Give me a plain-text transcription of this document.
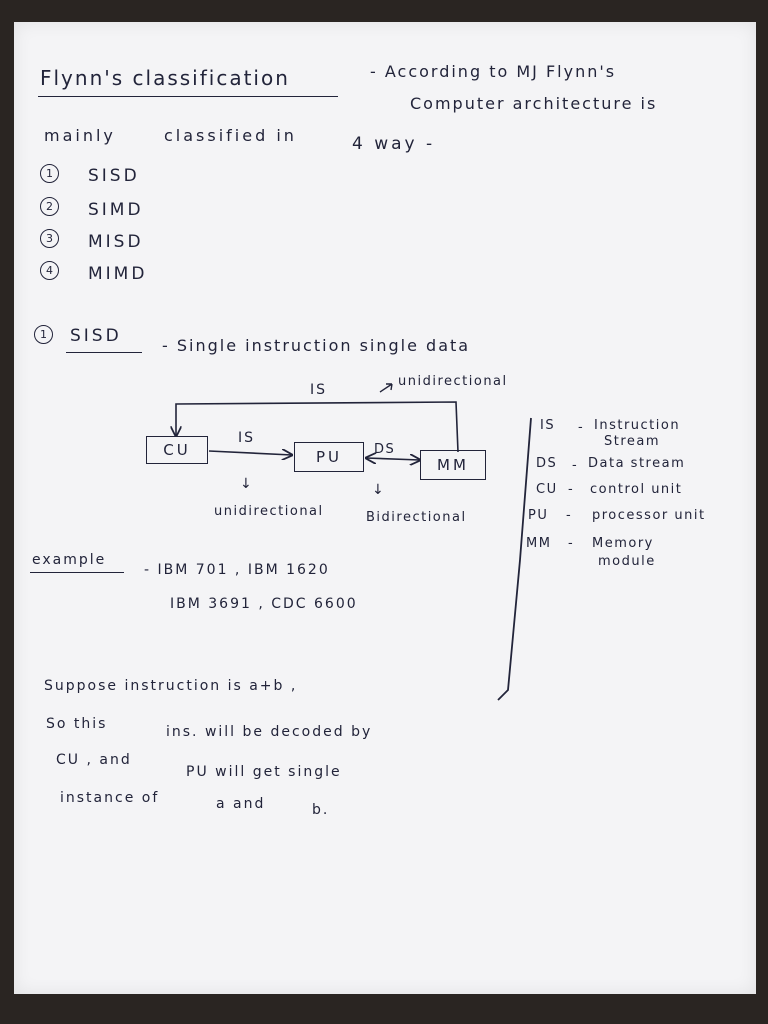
Flynn's classification	- According to MJ Flynn's
Computer architecture is
mainly	classified in	4 way -
1	SISD
2	SIMD
3	MISD
4	MIMD
1	SISD	- Single instruction single data
CU	PU	MM
IS
unidirectional
IS
DS
↓
unidirectional
↓
Bidirectional
IS - Instruction
Stream
DS - Data stream
CU - control unit
PU - processor unit
MM - Memory
module
example
- IBM 701 , IBM 1620
IBM 3691 , CDC 6600
Suppose instruction is a+b ,
So this	ins. will be decoded by
CU , and
PU will get single
instance of	a and	b.
